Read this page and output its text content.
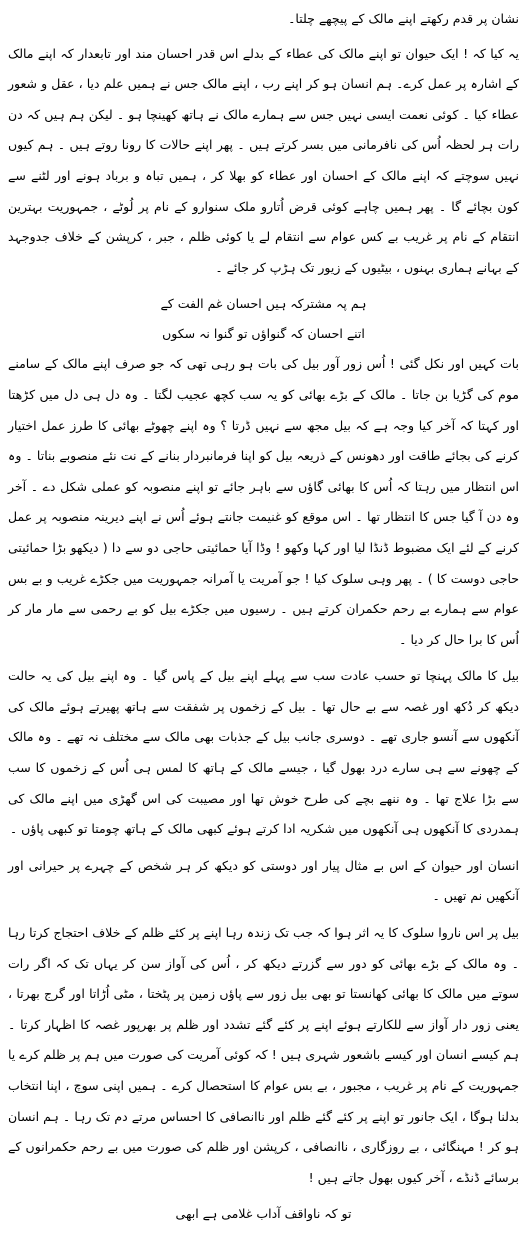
نشان پر قدم رکھتے اپنے مالک کے پیچھے چلتا۔

یہ کیا کہ ! ایک حیوان تو اپنے مالک کی عطاء کے بدلے اس قدر احسان مند اور تابعدار کہ اپنے مالک کے اشارہ پر عمل کرے۔ ہم انسان ہو کر اپنے رب ، اپنے مالک جس نے ہمیں علم دیا ، عقل و شعور عطاء کیا ۔ کوئی نعمت ایسی نہیں جس سے ہمارے مالک نے ہاتھ کھینچا ہو ۔ لیکن ہم ہیں کہ دن رات ہر لحظہ اُس کی نافرمانی میں بسر کرتے ہیں ۔ پھر اپنے حالات کا رونا روتے ہیں ۔ ہم کیوں نہیں سوچتے کہ اپنے مالک کے احسان اور عطاء کو بھلا کر ، ہمیں تباہ و برباد ہونے اور لٹنے سے کون بچائے گا ۔ پھر ہمیں چاہے کوئی قرض اُتارو ملک سنوارو کے نام پر لُوٹے ، جمہوریت بہترین انتقام کے نام پر غریب بے کس عوام سے انتقام لے یا کوئی ظلم ، جبر ، کرپشن کے خلاف جدوجہد کے بہانے ہماری بہنوں ، بیٹیوں کے زیور تک ہڑپ کر جائے ۔

ہم پہ مشترکہ ہیں احسان غم الفت کے

اتنے احسان کہ گنواؤں تو گنوا نہ سکوں

بات کہیں اور نکل گئی ! اُس زور آور بیل کی بات ہو رہی تھی کہ جو صرف اپنے مالک کے سامنے موم کی گڑیا بن جاتا ۔ مالک کے بڑے بھائی کو یہ سب کچھ عجیب لگتا ۔ وہ دل ہی دل میں کڑھتا اور کہتا کہ آخر کیا وجہ ہے کہ بیل مجھ سے نہیں ڈرتا ؟ وہ اپنے چھوٹے بھائی کا طرز عمل اختیار کرنے کی بجائے طاقت اور دھونس کے ذریعہ بیل کو اپنا فرمانبردار بنانے کے نت نئے منصوبے بناتا ۔ وہ اس انتظار میں رہتا کہ اُس کا بھائی گاؤں سے باہر جائے تو اپنے منصوبہ کو عملی شکل دے ۔ آخر وہ دن آ گیا جس کا انتظار تھا ۔ اس موقع کو غنیمت جانتے ہوئے اُس نے اپنے دیرینہ منصوبہ پر عمل کرنے کے لئے ایک مضبوط ڈنڈا لیا اور کہا وکھو ! وڈا آیا حمائیتی حاجی دو سے دا ( دیکھو بڑا حمائیتی حاجی دوست کا ) ۔ پھر وہی سلوک کیا ! جو آمریت یا آمرانہ جمہوریت میں جکڑے غریب و بے بس عوام سے ہمارے بے رحم حکمران کرتے ہیں ۔ رسیوں میں جکڑے بیل کو بے رحمی سے مار مار کر اُس کا برا حال کر دیا ۔

بیل کا مالک پہنچا تو حسب عادت سب سے پہلے اپنے بیل کے پاس گیا ۔ وہ اپنے بیل کی یہ حالت دیکھ کر دُکھ اور غصہ سے بے حال تھا ۔ بیل کے زخموں پر شفقت سے ہاتھ پھیرتے ہوئے مالک کی آنکھوں سے آنسو جاری تھے ۔ دوسری جانب بیل کے جذبات بھی مالک سے مختلف نہ تھے ۔ وہ مالک کے چھونے سے ہی سارے درد بھول گیا ، جیسے مالک کے ہاتھ کا لمس ہی اُس کے زخموں کا سب سے بڑا علاج تھا ۔ وہ ننھے بچے کی طرح خوش تھا اور مصیبت کی اس گھڑی میں اپنے مالک کی ہمدردی کا آنکھوں ہی آنکھوں میں شکریہ ادا کرتے ہوئے کبھی مالک کے ہاتھ چومتا تو کبھی پاؤں ۔

انسان اور حیوان کے اس بے مثال پیار اور دوستی کو دیکھ کر ہر شخص کے چہرے پر حیرانی اور آنکھیں نم تھیں ۔

بیل پر اس ناروا سلوک کا یہ اثر ہوا کہ جب تک زندہ رہا اپنے پر کئے ظلم کے خلاف احتجاج کرتا رہا ۔ وہ مالک کے بڑے بھائی کو دور سے گزرتے دیکھ کر ، اُس کی آواز سن کر یہاں تک کہ اگر رات سوتے میں مالک کا بھائی کھانستا تو بھی بیل زور سے پاؤں زمین پر پٹختا ، مٹی اُڑاتا اور گرج بھرتا ، یعنی زور دار آواز سے للکارتے ہوئے اپنے پر کئے گئے تشدد اور ظلم پر بھرپور غصہ کا اظہار کرتا ۔ ہم کیسے انسان اور کیسے باشعور شہری ہیں ! کہ کوئی آمریت کی صورت میں ہم پر ظلم کرے یا جمہوریت کے نام پر غریب ، مجبور ، بے بس عوام کا استحصال کرے ۔ ہمیں اپنی سوچ ، اپنا انتخاب بدلنا ہوگا ، ایک جانور تو اپنے پر کئے گئے ظلم اور ناانصافی کا احساس مرتے دم تک رہا ۔ ہم انسان ہو کر ! مہنگائی ، بے روزگاری ، ناانصافی ، کرپشن اور ظلم کی صورت میں بے رحم حکمرانوں کے برسائے ڈنڈے ، آخر کیوں بھول جاتے ہیں !

تو کہ ناواقف آداب غلامی ہے ابھی
